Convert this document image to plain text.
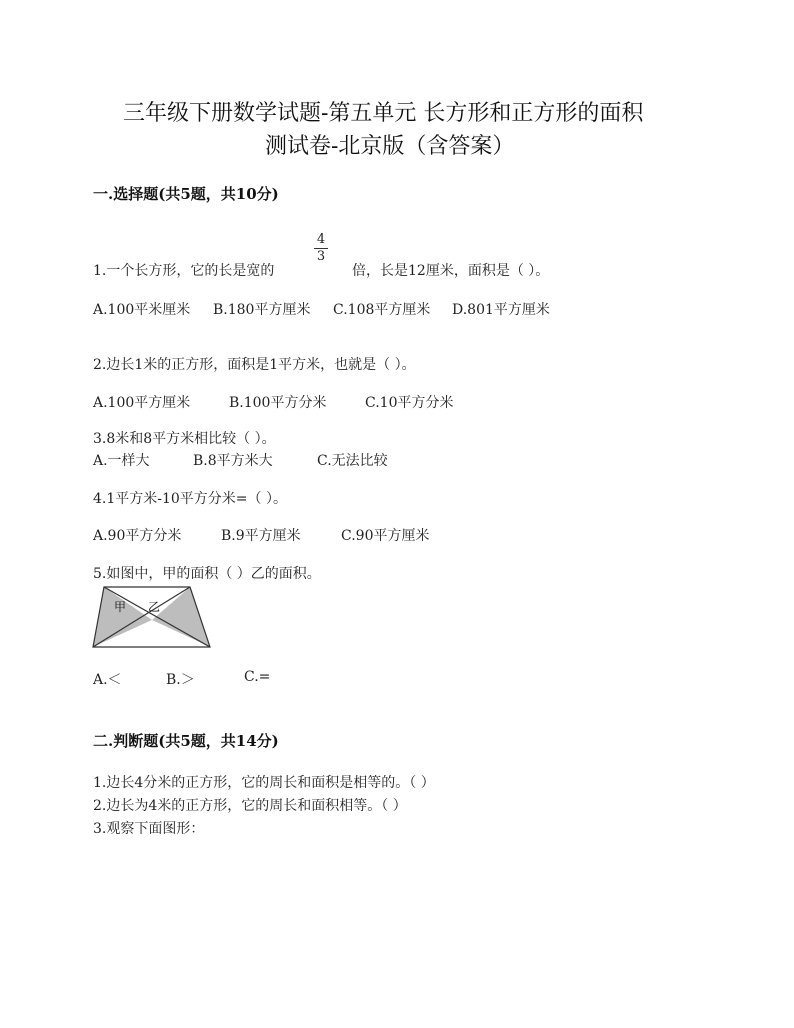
三年级下册数学试题-第五单元 长方形和正方形的面积
测试卷-北京版（含答案）
一.选择题(共5题，共10分)
1.一个长方形，它的长是宽的
4
3
倍，长是12厘米，面积是（ ）。
A.100平米厘米 B.180平方厘米 C.108平方厘米 D.801平方厘米
2.边长1米的正方形，面积是1平方米，也就是（ ）。
A.100平方厘米	B.100平方分米	C.10平方分米
3.8米和8平方米相比较（ ）。
A.一样大	B.8平方米大	C.无法比较
4.1平方米-10平方分米=（ ）。
A.90平方分米	B.9平方厘米	C.90平方厘米
5.如图中，甲的面积（ ）乙的面积。
甲 乙
A.＜	B.＞	C.=
二.判断题(共5题，共14分)
1.边长4分米的正方形，它的周长和面积是相等的。（ ）
2.边长为4米的正方形，它的周长和面积相等。（ ）
3.观察下面图形：
